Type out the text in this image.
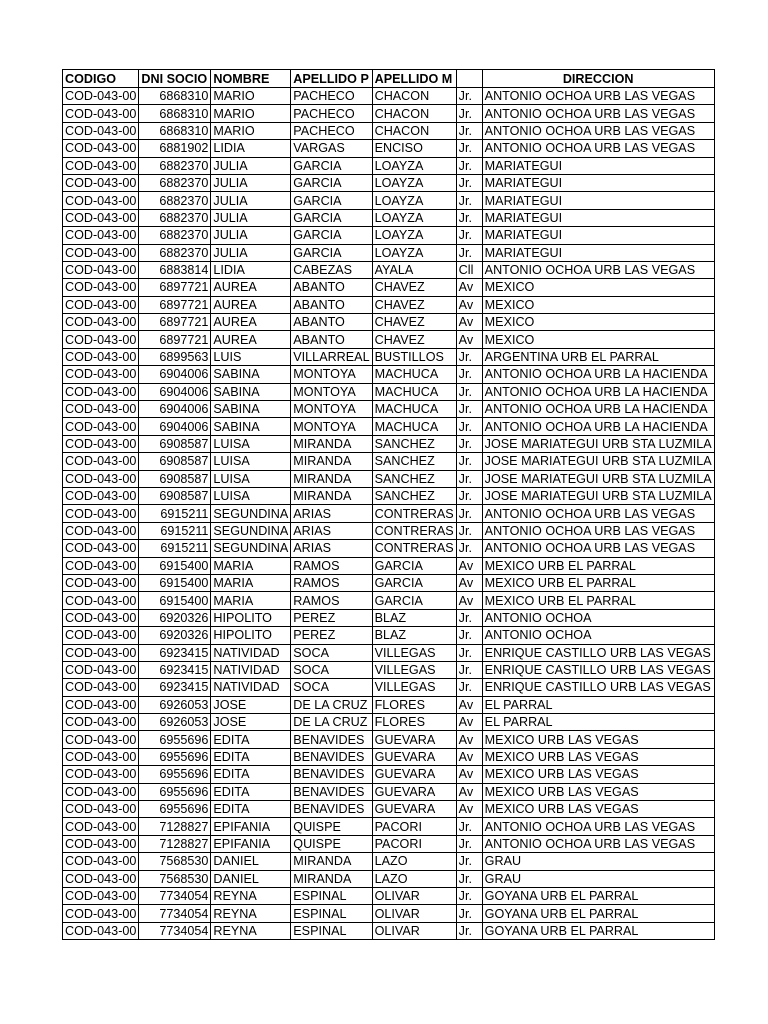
CODIGO	DNI SOCIO	NOMBRE	APELLIDO P	APELLIDO M		DIRECCION
COD-043-00	6868310	MARIO	PACHECO	CHACON	Jr.	ANTONIO OCHOA URB LAS VEGAS
COD-043-00	6868310	MARIO	PACHECO	CHACON	Jr.	ANTONIO OCHOA URB LAS VEGAS
COD-043-00	6868310	MARIO	PACHECO	CHACON	Jr.	ANTONIO OCHOA URB LAS VEGAS
COD-043-00	6881902	LIDIA	VARGAS	ENCISO	Jr.	ANTONIO OCHOA URB LAS VEGAS
COD-043-00	6882370	JULIA	GARCIA	LOAYZA	Jr.	MARIATEGUI
COD-043-00	6882370	JULIA	GARCIA	LOAYZA	Jr.	MARIATEGUI
COD-043-00	6882370	JULIA	GARCIA	LOAYZA	Jr.	MARIATEGUI
COD-043-00	6882370	JULIA	GARCIA	LOAYZA	Jr.	MARIATEGUI
COD-043-00	6882370	JULIA	GARCIA	LOAYZA	Jr.	MARIATEGUI
COD-043-00	6882370	JULIA	GARCIA	LOAYZA	Jr.	MARIATEGUI
COD-043-00	6883814	LIDIA	CABEZAS	AYALA	Cll	ANTONIO OCHOA URB LAS VEGAS
COD-043-00	6897721	AUREA	ABANTO	CHAVEZ	Av	MEXICO
COD-043-00	6897721	AUREA	ABANTO	CHAVEZ	Av	MEXICO
COD-043-00	6897721	AUREA	ABANTO	CHAVEZ	Av	MEXICO
COD-043-00	6897721	AUREA	ABANTO	CHAVEZ	Av	MEXICO
COD-043-00	6899563	LUIS	VILLARREAL	BUSTILLOS	Jr.	ARGENTINA URB EL PARRAL
COD-043-00	6904006	SABINA	MONTOYA	MACHUCA	Jr.	ANTONIO OCHOA URB LA HACIENDA
COD-043-00	6904006	SABINA	MONTOYA	MACHUCA	Jr.	ANTONIO OCHOA URB LA HACIENDA
COD-043-00	6904006	SABINA	MONTOYA	MACHUCA	Jr.	ANTONIO OCHOA URB LA HACIENDA
COD-043-00	6904006	SABINA	MONTOYA	MACHUCA	Jr.	ANTONIO OCHOA URB LA HACIENDA
COD-043-00	6908587	LUISA	MIRANDA	SANCHEZ	Jr.	JOSE MARIATEGUI URB STA LUZMILA
COD-043-00	6908587	LUISA	MIRANDA	SANCHEZ	Jr.	JOSE MARIATEGUI URB STA LUZMILA
COD-043-00	6908587	LUISA	MIRANDA	SANCHEZ	Jr.	JOSE MARIATEGUI URB STA LUZMILA
COD-043-00	6908587	LUISA	MIRANDA	SANCHEZ	Jr.	JOSE MARIATEGUI URB STA LUZMILA
COD-043-00	6915211	SEGUNDINA	ARIAS	CONTRERAS	Jr.	ANTONIO OCHOA URB LAS VEGAS
COD-043-00	6915211	SEGUNDINA	ARIAS	CONTRERAS	Jr.	ANTONIO OCHOA URB LAS VEGAS
COD-043-00	6915211	SEGUNDINA	ARIAS	CONTRERAS	Jr.	ANTONIO OCHOA URB LAS VEGAS
COD-043-00	6915400	MARIA	RAMOS	GARCIA	Av	MEXICO URB EL PARRAL
COD-043-00	6915400	MARIA	RAMOS	GARCIA	Av	MEXICO URB EL PARRAL
COD-043-00	6915400	MARIA	RAMOS	GARCIA	Av	MEXICO URB EL PARRAL
COD-043-00	6920326	HIPOLITO	PEREZ	BLAZ	Jr.	ANTONIO OCHOA
COD-043-00	6920326	HIPOLITO	PEREZ	BLAZ	Jr.	ANTONIO OCHOA
COD-043-00	6923415	NATIVIDAD	SOCA	VILLEGAS	Jr.	ENRIQUE CASTILLO URB LAS VEGAS
COD-043-00	6923415	NATIVIDAD	SOCA	VILLEGAS	Jr.	ENRIQUE CASTILLO URB LAS VEGAS
COD-043-00	6923415	NATIVIDAD	SOCA	VILLEGAS	Jr.	ENRIQUE CASTILLO URB LAS VEGAS
COD-043-00	6926053	JOSE	DE LA CRUZ	FLORES	Av	EL PARRAL
COD-043-00	6926053	JOSE	DE LA CRUZ	FLORES	Av	EL PARRAL
COD-043-00	6955696	EDITA	BENAVIDES	GUEVARA	Av	MEXICO URB LAS VEGAS
COD-043-00	6955696	EDITA	BENAVIDES	GUEVARA	Av	MEXICO URB LAS VEGAS
COD-043-00	6955696	EDITA	BENAVIDES	GUEVARA	Av	MEXICO URB LAS VEGAS
COD-043-00	6955696	EDITA	BENAVIDES	GUEVARA	Av	MEXICO URB LAS VEGAS
COD-043-00	6955696	EDITA	BENAVIDES	GUEVARA	Av	MEXICO URB LAS VEGAS
COD-043-00	7128827	EPIFANIA	QUISPE	PACORI	Jr.	ANTONIO OCHOA URB LAS VEGAS
COD-043-00	7128827	EPIFANIA	QUISPE	PACORI	Jr.	ANTONIO OCHOA URB LAS VEGAS
COD-043-00	7568530	DANIEL	MIRANDA	LAZO	Jr.	GRAU
COD-043-00	7568530	DANIEL	MIRANDA	LAZO	Jr.	GRAU
COD-043-00	7734054	REYNA	ESPINAL	OLIVAR	Jr.	GOYANA URB EL PARRAL
COD-043-00	7734054	REYNA	ESPINAL	OLIVAR	Jr.	GOYANA URB EL PARRAL
COD-043-00	7734054	REYNA	ESPINAL	OLIVAR	Jr.	GOYANA URB EL PARRAL
